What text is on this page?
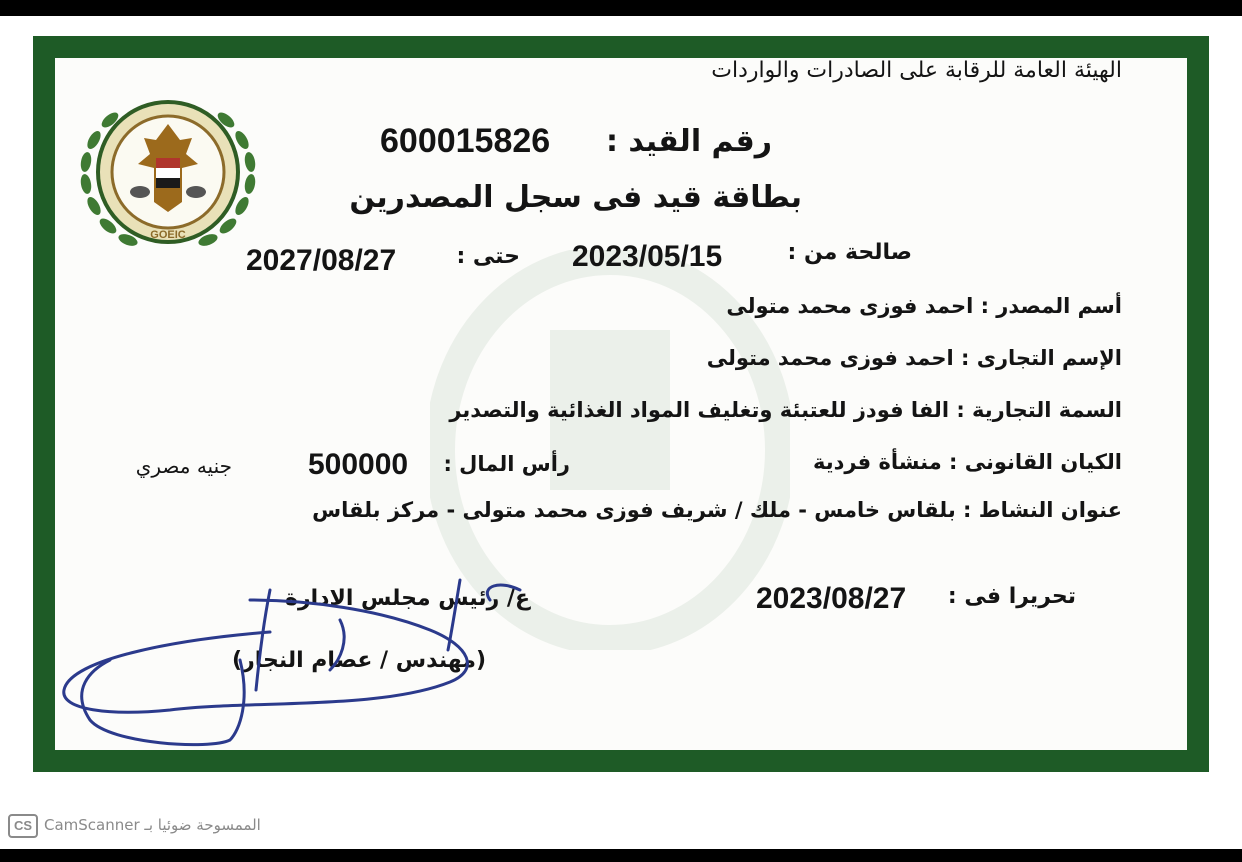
GOEIC
الهيئة العامة للرقابة على الصادرات والواردات
رقم القيد :
600015826
بطاقة قيد فى سجل المصدرين
صالحة من :
2023/05/15
حتى :
2027/08/27
أسم المصدر : احمد فوزى محمد متولى
الإسم التجارى : احمد فوزى محمد متولى
السمة التجارية : الفا فودز للعتبئة وتغليف المواد الغذائية والتصدير
الكيان القانونى : منشأة فردية
رأس المال :
500000
جنيه مصري
عنوان النشاط : بلقاس خامس - ملك / شريف فوزى محمد متولى - مركز بلقاس
تحريرا فى :
2023/08/27
ع/ رئيس مجلس الادارة
(مهندس / عصام النجار)
CS CamScanner الممسوحة ضوئيا بـ
